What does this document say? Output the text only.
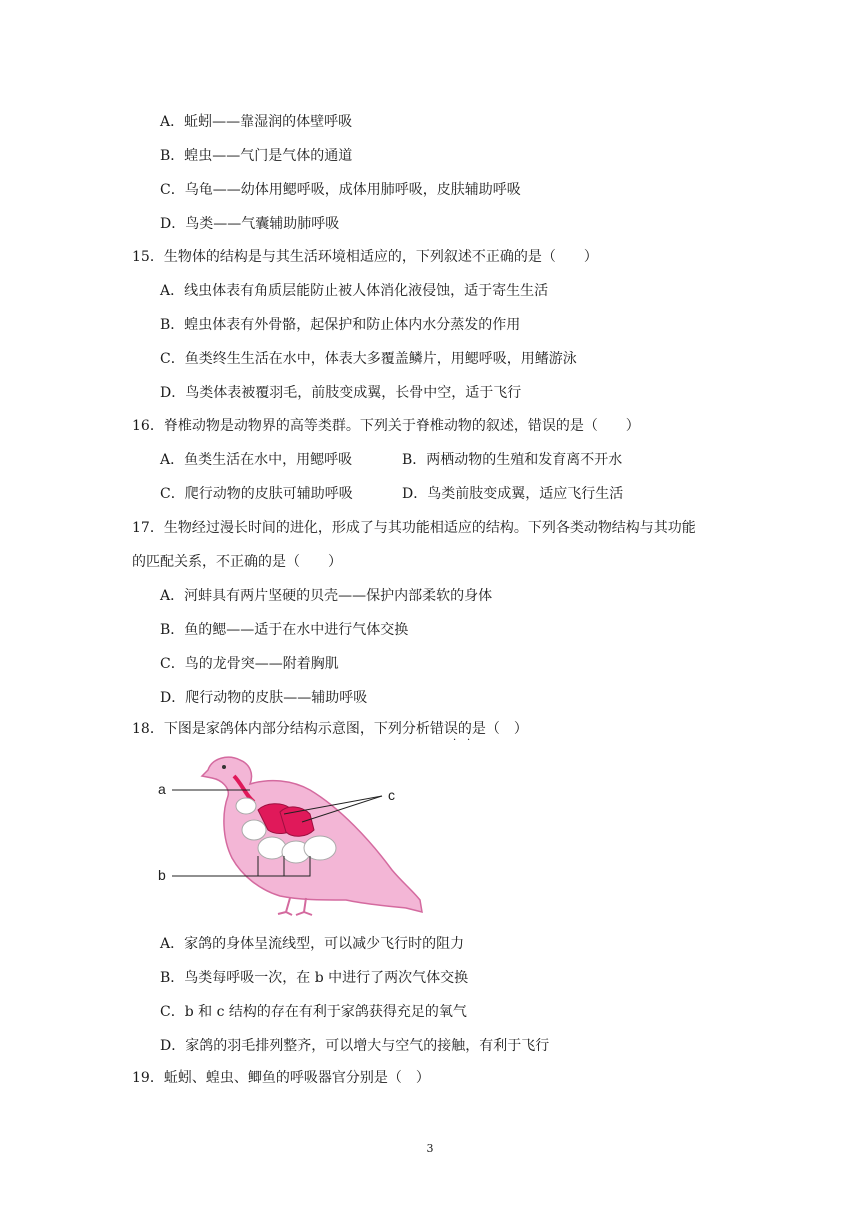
A．蚯蚓——靠湿润的体壁呼吸
B．蝗虫——气门是气体的通道
C．乌龟——幼体用鳃呼吸，成体用肺呼吸，皮肤辅助呼吸
D．鸟类——气囊辅助肺呼吸
15．生物体的结构是与其生活环境相适应的，下列叙述不正确的是（　　）
A．线虫体表有角质层能防止被人体消化液侵蚀，适于寄生生活
B．蝗虫体表有外骨骼，起保护和防止体内水分蒸发的作用
C．鱼类终生生活在水中，体表大多覆盖鳞片，用鳃呼吸，用鳍游泳
D．鸟类体表被覆羽毛，前肢变成翼，长骨中空，适于飞行
16．脊椎动物是动物界的高等类群。下列关于脊椎动物的叙述，错误的是（　　）
A．鱼类生活在水中，用鳃呼吸	B．两栖动物的生殖和发育离不开水
C．爬行动物的皮肤可辅助呼吸	D．鸟类前肢变成翼，适应飞行生活
17．生物经过漫长时间的进化，形成了与其功能相适应的结构。下列各类动物结构与其功能
的匹配关系，不正确的是（　　）
A．河蚌具有两片坚硬的贝壳——保护内部柔软的身体
B．鱼的鳃——适于在水中进行气体交换
C．鸟的龙骨突——附着胸肌
D．爬行动物的皮肤——辅助呼吸
18．下图是家鸽体内部分结构示意图，下列分析错误的是（　）
· ·
a
b
c
A．家鸽的身体呈流线型，可以减少飞行时的阻力
B．鸟类每呼吸一次，在 b 中进行了两次气体交换
C．b 和 c 结构的存在有利于家鸽获得充足的氧气
D．家鸽的羽毛排列整齐，可以增大与空气的接触，有利于飞行
19．蚯蚓、蝗虫、鲫鱼的呼吸器官分别是（　）
3
